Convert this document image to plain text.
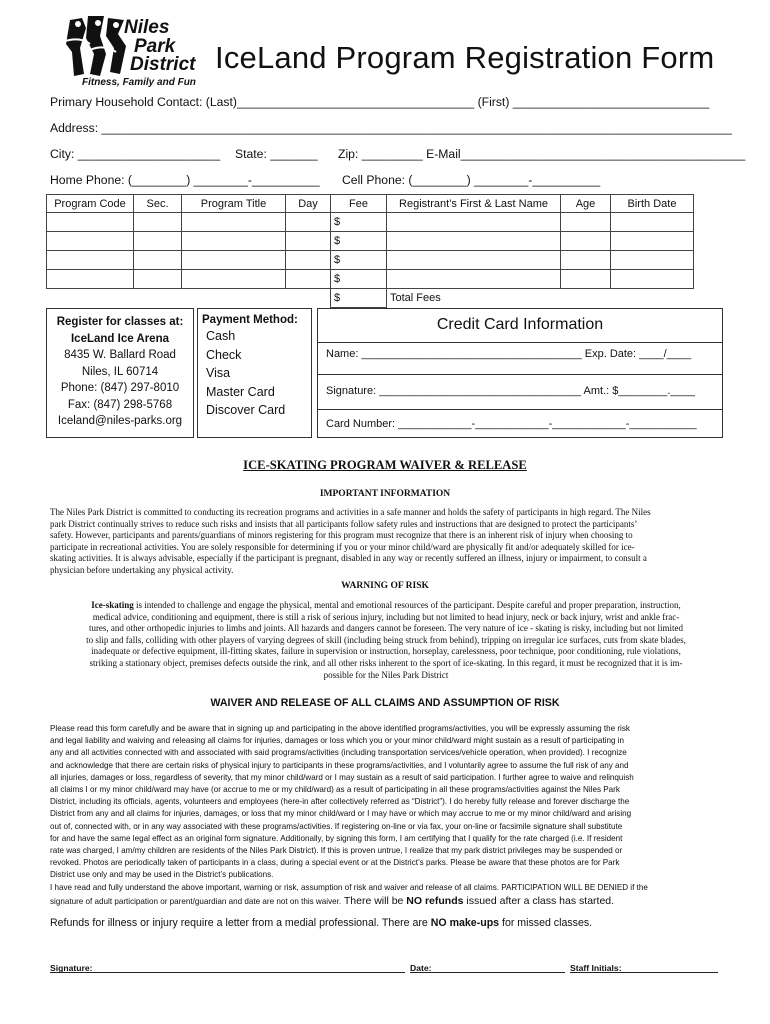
Niles
Park
District
Fitness, Family and Fun
IceLand Program Registration Form
Primary Household Contact: (Last)___________________________________ (First) _____________________________
Address: _____________________________________________________________________________________________
City: _____________________ State: _______ Zip: _________ E-Mail__________________________________________
Home Phone: (________) ________-__________ Cell Phone: (________) ________-__________
Program Code	Sec.	Program Title	Day	Fee	Registrant’s First & Last Name	Age	Birth Date
				$			
				$			
				$			
				$			
				$	Total Fees		
Register for classes at:
IceLand Ice Arena
8435 W. Ballard Road
Niles, IL 60714
Phone: (847) 297-8010
Fax: (847) 298-5768
Iceland@niles-parks.org
Payment Method:
Cash
Check
Visa
Master Card
Discover Card
Credit Card Information
Name: ____________________________________ Exp. Date: ____/____
Signature: _________________________________ Amt.: $________.____
Card Number: ____________-____________-____________-___________
ICE-SKATING PROGRAM WAIVER & RELEASE
IMPORTANT INFORMATION
The Niles Park District is committed to conducting its recreation programs and activities in a safe manner and holds the safety of participants in high regard. The Niles
park District continually strives to reduce such risks and insists that all participants follow safety rules and instructions that are designed to protect the participants’
safety. However, participants and parents/guardians of minors registering for this program must recognize that there is an inherent risk of injury when choosing to
participate in recreational activities. You are solely responsible for determining if you or your minor child/ward are physically fit and/or adequately skilled for ice-
skating activities. It is always advisable, especially if the participant is pregnant, disabled in any way or recently suffered an illness, injury or impairment, to consult a
physician before undertaking any physical activity.
WARNING OF RISK
Ice-skating is intended to challenge and engage the physical, mental and emotional resources of the participant. Despite careful and proper preparation, instruction,
medical advice, conditioning and equipment, there is still a risk of serious injury, including but not limited to head injury, neck or back injury, wrist and ankle frac-
tures, and other orthopedic injuries to limbs and joints. All hazards and dangers cannot be foreseen. The very nature of ice - skating is risky, including but not limited
to slip and falls, colliding with other players of varying degrees of skill (including being struck from behind), tripping on irregular ice surfaces, cuts from skate blades,
inadequate or defective equipment, ill-fitting skates, failure in supervision or instruction, horseplay, carelessness, poor technique, poor conditioning, rule violations,
striking a stationary object, premises defects outside the rink, and all other risks inherent to the sport of ice-skating. In this regard, it must be recognized that it is im-
possible for the Niles Park District
WAIVER AND RELEASE OF ALL CLAIMS AND ASSUMPTION OF RISK
Please read this form carefully and be aware that in signing up and participating in the above identified programs/activities, you will be expressly assuming the risk
and legal liability and waiving and releasing all claims for injuries, damages or loss which you or your minor child/ward might sustain as a result of participating in
any and all activities connected with and associated with said programs/activities (including transportation services/vehicle operation, when provided). I recognize
and acknowledge that there are certain risks of physical injury to participants in these programs/activities, and I voluntarily agree to assume the full risk of any and
all injuries, damages or loss, regardless of severity, that my minor child/ward or I may sustain as a result of said participation. I further agree to waive and relinquish
all claims I or my minor child/ward may have (or accrue to me or my child/ward) as a result of participating in all these programs/activities against the Niles Park
District, including its officials, agents, volunteers and employees (here-in after collectively referred as “District”). I do hereby fully release and forever discharge the
District from any and all claims for injuries, damages, or loss that my minor child/ward or I may have or which may accrue to me or my minor child/ward and arising
out of, connected with, or in any way associated with these programs/activities. If registering on-line or via fax, your on-line or facsimile signature shall substitute
for and have the same legal effect as an original form signature. Additionally, by signing this form, I am certifying that I qualify for the rate charged (i.e. If resident
rate was charged, I am/my children are residents of the Niles Park District). If this is proven untrue, I realize that my park district privileges may be suspended or
revoked. Photos are periodically taken of participants in a class, during a special event or at the District’s parks. Please be aware that these photos are for Park
District use only and may be used in the District’s publications.
I have read and fully understand the above important, warning or risk, assumption of risk and waiver and release of all claims. PARTICIPATION WILL BE DENIED if the
signature of adult participation or parent/guardian and date are not on this waiver. There will be NO refunds issued after a class has started.
Refunds for illness or injury require a letter from a medial professional. There are NO make-ups for missed classes.
Signature:	Date:	Staff Initials:
